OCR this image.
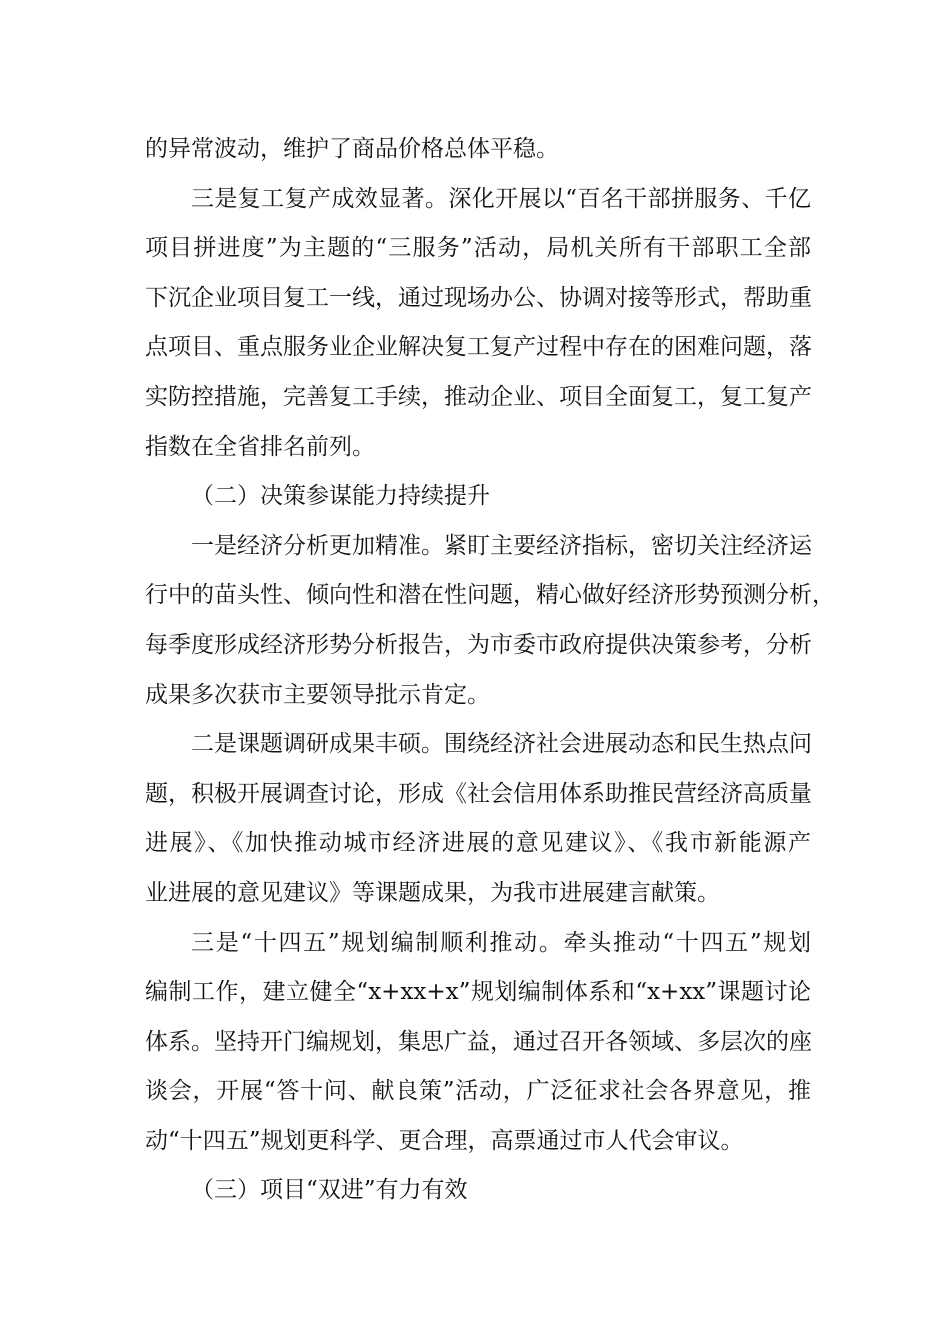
的异常波动，维护了商品价格总体平稳。
三是复工复产成效显著。深化开展以“百名干部拼服务、千亿
项目拼进度”为主题的“三服务”活动，局机关所有干部职工全部
下沉企业项目复工一线，通过现场办公、协调对接等形式，帮助重
点项目、重点服务业企业解决复工复产过程中存在的困难问题，落
实防控措施，完善复工手续，推动企业、项目全面复工，复工复产
指数在全省排名前列。
（二）决策参谋能力持续提升
一是经济分析更加精准。紧盯主要经济指标，密切关注经济运
行中的苗头性、倾向性和潜在性问题，精心做好经济形势预测分析，
每季度形成经济形势分析报告，为市委市政府提供决策参考，分析
成果多次获市主要领导批示肯定。
二是课题调研成果丰硕。围绕经济社会进展动态和民生热点问
题，积极开展调查讨论，形成《社会信用体系助推民营经济高质量
进展》、《加快推动城市经济进展的意见建议》、《我市新能源产
业进展的意见建议》等课题成果，为我市进展建言献策。
三是“十四五”规划编制顺利推动。牵头推动“十四五”规划
编制工作，建立健全“x+xx+x”规划编制体系和“x+xx”课题讨论
体系。坚持开门编规划，集思广益，通过召开各领域、多层次的座
谈会，开展“答十问、献良策”活动，广泛征求社会各界意见，推
动“十四五”规划更科学、更合理，高票通过市人代会审议。
（三）项目“双进”有力有效
